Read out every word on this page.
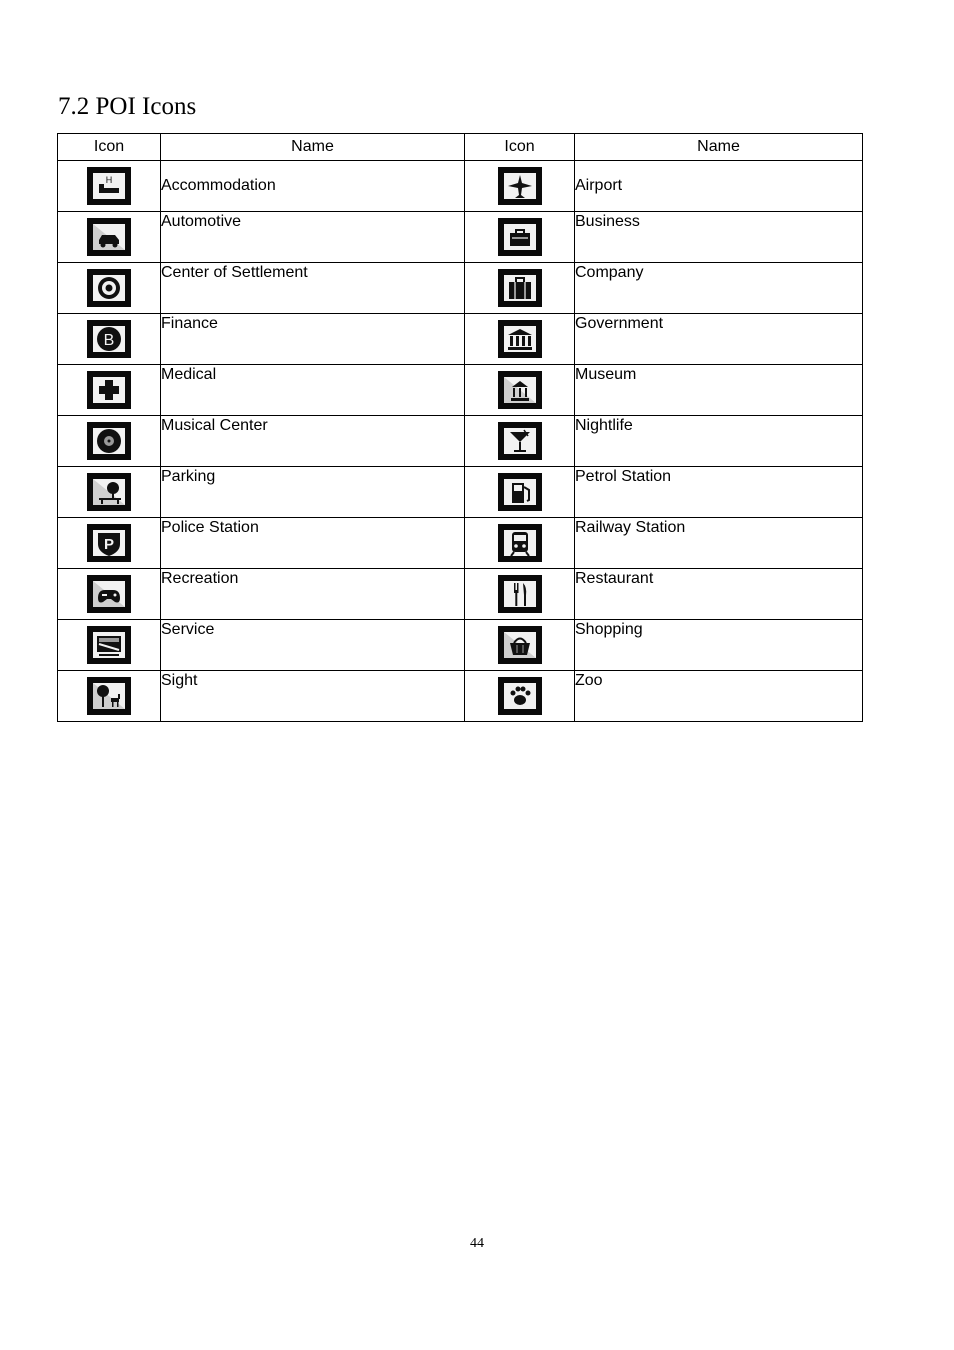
7.2 POI Icons
Icon	Name	Icon	Name

H	Accommodation		Airport

	Automotive		Business

	Center of Settlement		Company

B	Finance		Government

	Medical		Museum

	Musical Center		Nightlife

	Parking		Petrol Station

P	Police Station		Railway Station

	Recreation		Restaurant

	Service		Shopping

	Sight		Zoo
44
